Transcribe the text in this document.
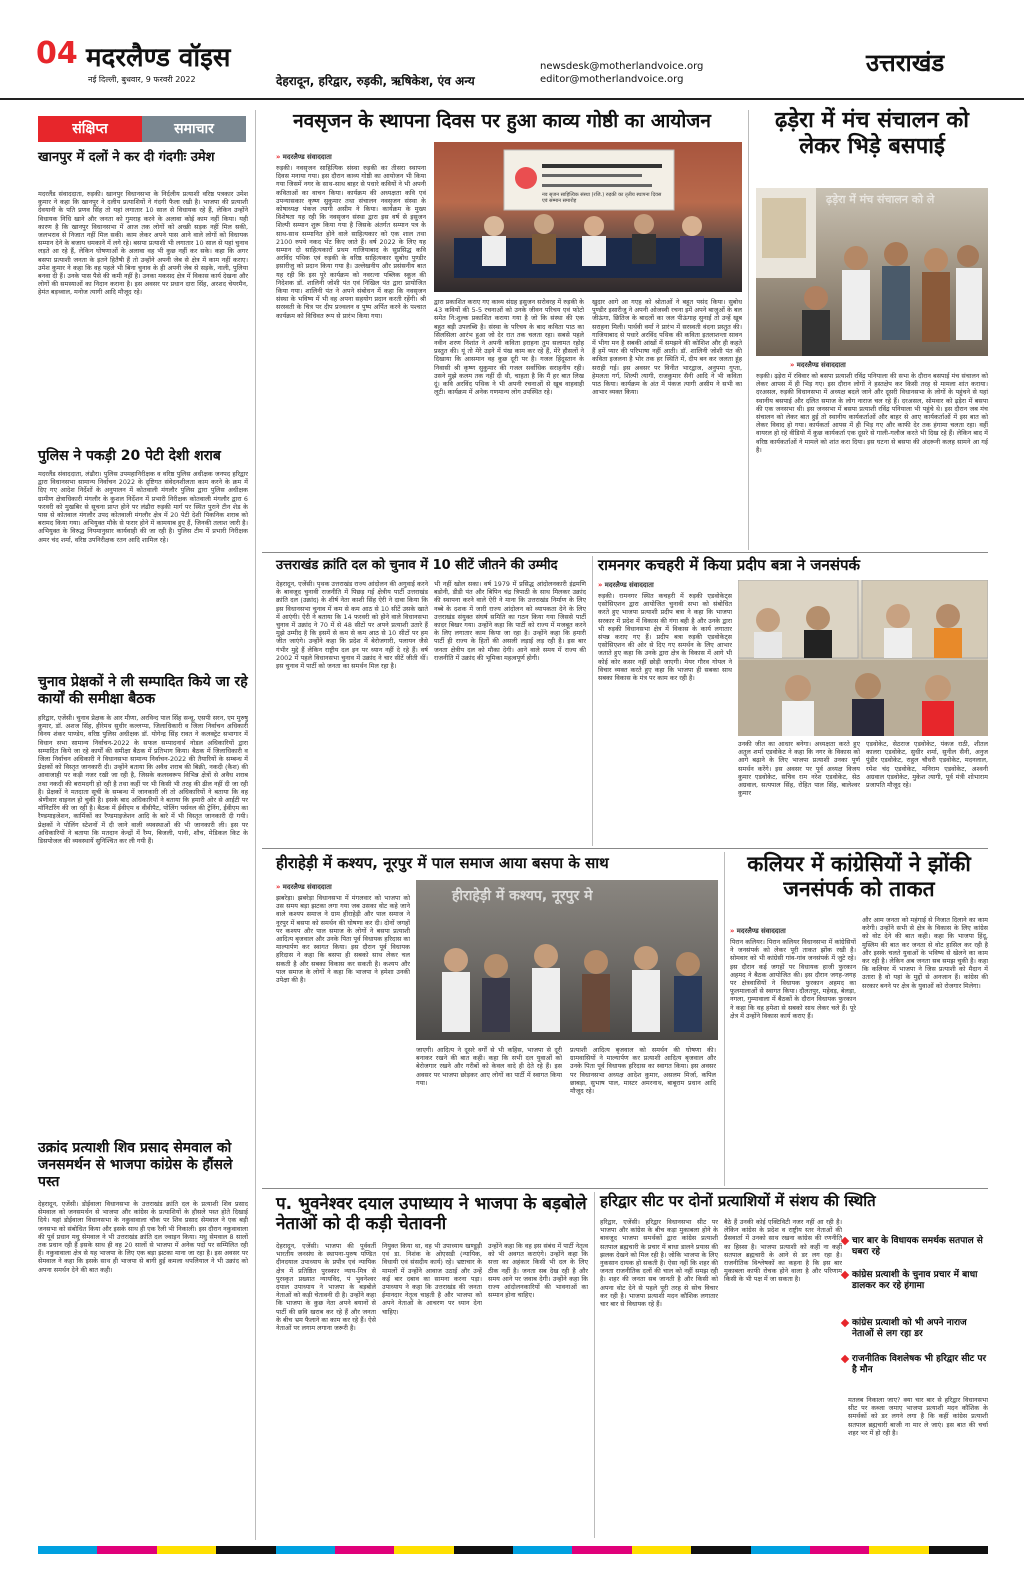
04 मदरलैण्ड वॉइस
नई दिल्ली, बुधवार, 9 फरवरी 2022	देहरादून, हरिद्वार, रुड़की, ऋषिकेश, एंव अन्य
newsdesk@motherlandvoice.org
editor@motherlandvoice.org
उत्तराखंड
संक्षिप्त	समाचार
खानपुर में दलों ने कर दी गंदगीः उमेश
मदरलैंड संवाददाता, रुड़की। खानपुर विधानसभा के निर्दलीय प्रत्याशी वरिष्ठ पत्रकार उमेश कुमार ने कहा कि खानपुर ने दलीय प्रत्याशियों ने गंदगी फैला रखी है। भाजपा की प्रत्याशी देवयानी के पति प्रणव सिंह तो यहां लगातार 10 साल से विधायक रहे हैं, लेकिन उन्होंने विधायक निधि खाने और जनता को गुमराह करने के अलावा कोई काम नहीं किया। यही कारण है कि खानपुर विधानसभा में आज तक लोगों को अच्छी सड़क नहीं मिल सकी, जलभराव से निजात नहीं मिल सकी। काम लेकर अपने पास आने वाले लोगों को विधायक सम्मान देने के बजाय धमकाने में लगे रहे। बसपा प्रत्याशी भी लगातार 10 साल से यहां चुनाव लड़ते आ रहे हैं, लेकिन घोषणाओं के अलावा वह भी कुछ नहीं कर सके। कहा कि अगर बसपा प्रत्याशी जनता के इतने हितैषी हैं तो उन्होंने अपनी जेब से क्षेत्र में काम नहीं कराए। उमेश कुमार ने कहा कि वह पहले भी बिना चुनाव के ही अपनी जेब से सड़के, नाली, पुलिया बनवा दी हैं। उनके पास पैसे की कमी नहीं है। उनका मकसद क्षेत्र में विकास कार्य देखना और लोगों की समस्याओं का निदान कराना है। इस अवसर पर प्रधान दारा सिंह, अरशद चेयरमैन, हेमंत बड़थ्वाल, मनोज त्यागी आदि मौजूद रहे।
पुलिस ने पकड़ी 20 पेटी देशी शराब
मदरलैंड संवाददाता, लंढौरा। पुलिस उपमहानिरीक्षक व वरिष्ठ पुलिस अधीक्षक जनपद हरिद्वार द्वारा विधानसभा सामान्य निर्वाचन 2022 के दृष्टिगत संवेदनशीलता काम करने के क्रम में दिए गए आदेश निर्देशों के अनुपालन में कोतवाली मंगलौर पुलिस द्वारा पुलिस अधीक्षक ग्रामीण क्षेत्राधिकारी मंगलौर के कुशल निर्देशन में प्रभारी निरीक्षक कोतवाली मंगलौर द्वारा 6 फरवरी को मुखबिर से सूचना प्राप्त होने पर लंढौरा रुड़की मार्ग पर स्थित पुराने टीन शेड के पास से कोतवाल मंगलौर उपद कोतवाली मंगलौर क्षेत्र में 20 पेटी देशी पिकनिक शराब को बरामद किया गया। अभियुक्त मौके से फरार होने में कामयाब हुए हैं, जिनकी तलाश जारी है। अभियुक्त के विरुद्ध नियमानुसार कार्यवाही की जा रही है। पुलिस टीम में प्रभारी निरीक्षक अमर चंद शर्मा, वरिष्ठ उपनिरीक्षक रतन आदि शामिल रहे।
चुनाव प्रेक्षकों ने ली सम्पादित किये जा रहे कार्यों की समीक्षा बैठक
हरिद्वार, एजेंसी। चुनाव प्रेक्षक के आर मीणा, अरविन्द पाल सिंह सन्धू, एसपी सरन, एम मुरुषु कुमार, डॉ. अशज सिंह, हीरेमथ सुधीर कल्लप्पा, जिलाधिकारी व जिला निर्वाचन अधिकारी विनय शंकर पाण्डेय, वरिष्ठ पुलिस अधीक्षक डॉ. योगेन्द्र सिंह रावत ने कलक्ट्रेट सभागार में विधान सभा सामान्य निर्वाचन-2022 के सफल सम्पादनार्थ नोडल अधिकारियों द्वारा सम्पादित किये जा रहे कार्यों की समीक्षा बैठक में प्रतिभाग किया। बैठक में जिलाधिकारी व जिला निर्वाचन अधिकारी ने विधानसभा सामान्य निर्वाचन-2022 की तैयारियों के सम्बन्ध में प्रेक्षकों को विस्तृत जानकारी दी। उन्होंने बताया कि अवैध शराब की बिक्री, नकदी (कैश) की आवाजाही पर कड़ी नजर रखी जा रही है, जिसके कलस्वरूप विभिन्न क्षेत्रों से अवैध शराब तथा नकदी की बरामदगी हो रही है तथा कहीं पर भी किसी भी तरह की ढील नहीं दी जा रही है। प्रेक्षकों ने मतदाता सूची के सम्बन्ध में जानकारी ली तो अधिकारियों ने बताया कि वह श्रेणीवार वाइनल हो चुकी है। इसके बाद अधिकारियों ने बताया कि हमारी ओर से आईटी पर मॉनिटरिंग की जा रही है। बैठक में ईवीएम व वीवीपैट, पोलिंग पर्सनल की ट्रेनिंग, ईवीएम का रैण्डमाइजेशन, कार्मिकों का रैण्डमाइजेशन आदि के बारे में भी विस्तृत जानकारी दी गयी। प्रेक्षकों ने पोलिंग स्टेशनों में दी जाने वाली व्यवस्थाओं की भी जानकारी ली। इस पर अधिकारियों ने बताया कि मतदान केन्द्रों में रैम्प, बिजली, पानी, शौच, मेडिकल किट के डिसपोजल की व्यवस्थायें सुनिश्चित कर ली गयी हैं।
उक्रांद प्रत्याशी शिव प्रसाद सेमवाल को जनसमर्थन से भाजपा कांग्रेस के हौंसले पस्त
देहरादून, एजेंसी। डोईवाला विधानसभा के उत्तराखंड क्रांति दल के प्रत्याशी शिव प्रसाद सेमवाल को जनसमर्थन से भाजपा और कांग्रेस के प्रत्याशियों के हौसले पस्त होते दिखाई दिये। यहां डोईवाला विधानसभा के नकुवावाला चौक पर शिव प्रसाद सेमवाल ने एक बड़ी जनसभा को संबोधित किया और इसके साथ ही एक रैली भी निकाली। इस दौरान नकुवावाला की पूर्व प्रधान मधु सेमवाल ने भी उत्तराखंड क्रांति दल ज्वाइन किया। मधु सेमवाल 8 सालों तक प्रधान रही हैं इसके साथ ही वह 20 सालों से भाजपा में अनेक पदों पर सम्मिलित रही हैं। नकुवावाला क्षेत्र से यह भाजपा के लिए एक बड़ा झटका माना जा रहा है। इस अवसर पर सेमवाल ने कहा कि इसके साथ ही भाजपा से बागी हुई कमला थपलियाल ने भी उक्रांद को अपना समर्थन देने की बात कही।
नवसृजन के स्थापना दिवस पर हुआ काव्य गोष्ठी का आयोजन
» मदरलैण्ड संवाददाता
रुड़की। नवसृजन साहित्यिक संस्था रुड़की का तीसरा स्थापना दिवस मनाया गया। इस दौरान काव्य गोष्ठी का आयोजन भी किया गया जिसमें नगर के साथ-साथ बाहर से पधारे कवियों ने भी अपनी कविताओं का वाचन किया। कार्यक्रम की अध्यक्षता कवि एवं उपन्यासकार कृष्ण सुकुमार तथा संचालन नवसृजन संस्था के कोषाध्यक्ष पंकज त्यागी असीम ने किया। कार्यक्रम के मुख्य विशेषता यह रही कि नवसृजन संस्था द्वारा इस वर्ष से इसुजन शिल्पी सम्मान शुरू किया गया है जिसके अंतर्गत सम्मान पत्र के साथ-साथ सम्मानित होने वाले साहित्यकार को एक शाल तथा 2100 रुपये नकद भेंट किए जाते हैं। वर्ष 2022 के लिए यह सम्मान दो साहित्यकारों प्रथम गाजियाबाद के सुप्रसिद्ध कवि अरविंद पथिक एवं रुड़की के वरिष्ठ साहित्यकार सुबोध पुण्डीर इसारीजु को प्रदान किया गया है। उल्लेखनीय और प्रसंसनीय बात यह रही कि इस पूरे कार्यक्रम को नवरत्ना पब्लिक स्कूल की निदेशक डॉ. शालिनी जोशी पंत एवं निखिल पंत द्वारा प्रायोजित किया गया। शालिनी पंत ने अपने संबोधन में कहा कि नवसृजन संस्था के भविष्य में भी वह अपना सहयोग प्रदान करती रहेंगी। श्री सरस्वती के चित्र पर दीप प्रज्वलन व पुष्प अर्पित करने के पश्चात कार्यक्रम को विधिवत रूप से प्रारंभ किया गया।
नव सृजन साहित्यिक संस्था (रजि.) रुड़की का तृतीय स्थापना दिवस एवं सम्मान समारोह
द्वारा प्रकाशित कराए गए काव्य संग्रह इसुजन सरोवरह में रुड़की के 43 कवियों की 5-5 रचनाओं को उनके जीवन परिचय एवं फोटो समेत नि:शुल्क प्रकाशित कराया गया है जो कि संस्था की एक बहुत बड़ी उपलब्धि है। संस्था के परिचय के बाद कविता पाठ का सिलसिला आरंभ हुआ जो देर रात तक चलता रहा। सबसे पहले नवीन शरण निशांत ने अपनी कविता इराहना तुम सलामत रहोह प्रस्तुत की। यूं तो मेरे उड़ने में पंख काम कर रहे हैं, मेरे हौसलों ने दिखाया कि आसमान वह कुछ दूरी पर है। गजल हिंदूस्तान के निवासी श्री कृष्ण सुकुमार की गजल सर्वाधिक सराहनीय रही। उसने मुझे कलम तक नहीं दी थी, चाहता है कि मैं हर बात लिख दूं। कवि अरविंद पथिक ने भी अपनी रचनाओं से खूब वाहवाही लूटी। कार्यक्रम में अनेक गणमान्य लोग उपस्थित रहे।
खुदार आगे आ गएह को श्रोताओं ने बहुत पसंद किया। सुबोध पुण्डीर इसारीजु ने अपनी ओजस्वी रचना इमें अपने बाजुओं के बल जीऊंगा, छितिज के बादलों का जल पीऊंगाह सुनाई तो उन्हें खूब सराहना मिली। पार्थवी वर्मा ने प्रारंभ में सरस्वती वंदना प्रस्तुत की। गाजियाबाद से पधारे अरविंद पथिक की कविता इतलाशन्ता सावन में भीगा मन है सबकी आंखों में समझने की कोशिश और ही कहते हैं हमें प्यार की परिभाषा नहीं आती। डॉ. शालिनी जोशी पंत की कविता इजलना है भोर तक हर स्थिति में, दीप बन कर जलता हूंह सराही गई। इस अवसर पर विनीत भारद्वाज, अनुपमा गुप्ता, हेमलता गर्ग, शिल्पी त्यागी, राजकुमार सैनी आदि ने भी कविता पाठ किया। कार्यक्रम के अंत में पंकज त्यागी असीम ने सभी का आभार व्यक्त किया।
ढ़ड़ेरा में मंच संचालन को लेकर भिड़े बसपाई
ढ़ड़ेरा में मंच संचालन को ले
» मदरलैण्ड संवाददाता
रुड़की। ढ़ड़ेरा में रविवार को बसपा प्रत्याशी रविंद्र पनियाला की सभा के दौरान बसपाई मंच संचालन को लेकर आपस में ही भिड़ गए। इस दौरान लोगों ने हस्तक्षेप कर किसी तरह से मामला शांत कराया। दरअसल, रुड़की विधानसभा में अध्यक्ष बदले जाने और दूसरी विधानसभा के लोगों के पहुंचने से यहां स्थानीय बसपाई और दलित समाज के लोग नाराज चल रहे हैं। दरअसल, सोमवार को ढ़ड़ेरा में बसपा की एक जनसभा थी। इस जनसभा में बसपा प्रत्याशी रविंद्र पनियाला भी पहुंचे थे। इस दौरान जब मंच संचालन को लेकर बात हुई तो स्थानीय कार्यकर्ताओं और बाहर से आए कार्यकर्ताओं में इस बात को लेकर विवाद हो गया। कार्यकर्ता आपस में ही भिड़ गए और काफी देर तक हंगामा चलता रहा। वहीं वायरल हो रहे वीडियो में कुछ कार्यकर्ता एक दूसरे से गाली-गलौज करते भी दिख रहे हैं। लेकिन बाद में वरिष्ठ कार्यकर्ताओं ने मामले को शांत करा दिया। इस घटना से बसपा की अंदरूनी कलह सामने आ गई है।
उत्तराखंड क्रांति दल को चुनाव में 10 सीटें जीतने की उम्मीद
देहरादून, एजेंसी। पृथक उत्तराखंड राज्य आंदोलन की अगुवाई करने के बावजूद चुनावी राजनीति में पिछड़ गई क्षेत्रीय पार्टी उत्तराखंड क्रांति दल (उक्रांद) के शीर्ष नेता काशी सिंह ऐरी ने दावा किया कि इस विधानसभा चुनाव में कम से कम आठ से 10 सीटें उसके खाते में आएंगी। ऐरी ने बताया कि 14 फरवरी को होने वाले विधानसभा चुनाव में उक्रांद ने 70 में से 48 सीटों पर अपने प्रत्याशी उतारे हैं मुझे उम्मीद है कि इसमें से कम से कम आठ से 10 सीटों पर हम जीत जाएंगे। उन्होंने कहा कि प्रदेश में बेरोजगारी, पलायन जैसे गंभीर मुद्दे हैं लेकिन राष्ट्रीय दल इन पर ध्यान नहीं दे रहे हैं। वर्ष 2002 में पहले विधानसभा चुनाव में उक्रांद ने चार सीटें जीती थीं। इस चुनाव में पार्टी को जनता का समर्थन मिल रहा है।
भी नहीं खोल सका। वर्ष 1979 में प्रसिद्ध आंदोलनकारी इंद्रमणि बडोनी, डीडी पंत और बिपिन चंद्र त्रिपाठी के साथ मिलकर उक्रांद की स्थापना करने वाले ऐरी ने माना कि उत्तराखंड निर्माण के लिए नब्बे के दशक में जारी राज्य आंदोलन को व्यापकता देने के लिए उत्तराखंड संयुक्त संघर्ष समिति का गठन किया गया जिससे पार्टी कादर बिखर गया। उन्होंने कहा कि पार्टी को राज्य में मजबूत करने के लिए लगातार काम किया जा रहा है। उन्होंने कहा कि हमारी पार्टी ही राज्य के हितों की असली लड़ाई लड़ रही है। इस बार जनता क्षेत्रीय दल को मौका देगी। आने वाले समय में राज्य की राजनीति में उक्रांद की भूमिका महत्वपूर्ण होगी।
रामनगर कचहरी में किया प्रदीप बत्रा ने जनसंपर्क
» मदरलैण्ड संवाददाता
रुड़की। रामनगर स्थित कचहरी में रुड़की एडवोकेट्स एसोसिएशन द्वारा आयोजित चुनावी सभा को संबोधित करते हुए भाजपा प्रत्याशी प्रदीप बत्रा ने कहा कि भाजपा सरकार में प्रदेश में विकास की गंगा बही है और उनके द्वारा भी रुड़की विधानसभा क्षेत्र में विकास के कार्य लगातार संपन्न कराए गए हैं। प्रदीप बत्रा रुड़की एडवोकेट्स एसोसिएशन की ओर से दिए गए समर्थन के लिए आभार जताते हुए कहा कि उनके द्वारा क्षेत्र के विकास में आगे भी कोई कोर कसर नहीं छोड़ी जाएगी। मेयर गौरव गोयल ने विचार व्यक्त करते हुए कहा कि भाजपा ही सबका साथ सबका विकास के मंत्र पर काम कर रही है।
उनकी जीत का आधार बनेगा। अध्यक्षता करते हुए अतुल शर्मा एडवोकेट ने कहा कि नगर के विकास को आगे बढ़ाने के लिए भाजपा प्रत्याशी उनका पूर्ण समर्थन करेंगे। इस अवसर पर पूर्व अध्यक्ष विजय कुमार एडवोकेट, सचिव राम नरेश एडवोकेट, सेठ अग्रवाल, सत्यपाल सिंह, रोहित पाल सिंह, बालेश्वर कुमार
एडवोकेट, सेठराज एडवोकेट, पंकज राठी, शीतल कालरा एडवोकेट, सुधीर शर्मा, सुनील सैनी, अनुज पुंडीर एडवोकेट, राहुल चौधरी एडवोकेट, मदनलाल, रमेश चंद एडवोकेट, मनिराम एडवोकेट, अश्वनी अग्रवाल एडवोकेट, मुकेश त्यागी, पूर्व मंत्री शोभाराम प्रजापति मौजूद रहे।
हीराहेड़ी में कश्यप, नूरपुर में पाल समाज आया बसपा के साथ
» मदरलैण्ड संवाददाता
झबरेड़ा। झबरेड़ा विधानसभा में मंगलवार को भाजपा को उस समय बड़ा झटका लगा गया जब उसका वोट कहे जाने वाले कश्यप समाज ने ग्राम हीराहेड़ी और पाल समाज ने नूरपुर में बसपा को समर्थन की घोषणा कर दी। दोनों जगहों पर कश्यप और पाल समाज के लोगों ने बसपा प्रत्याशी आदित्य बृजवाल और उनके पिता पूर्व विधायक हरिदास का माल्यार्पण कर स्वागत किया। इस दौरान पूर्व विधायक हरिदास ने कहा कि बसपा ही सबको साथ लेकर चल सकती है और सबका विकास कर सकती है। कश्यप और पाल समाज के लोगों ने कहा कि भाजपा ने हमेशा उनकी उपेक्षा की है।
हीराहेड़ी में कश्यप, नूरपुर मे
जाएगी। आदित्य ने दूसरे वर्गों से भी कहिस, भाजपा से दूरी बनाकर रखने की बात कही। कहा कि सभी दल युवाओं को बेरोजगार रखने और गरीबों को केवल वादे ही देते रहे हैं। इस अवसर पर भाजपा छोड़कर आए लोगों का पार्टी में स्वागत किया गया।
प्रत्याशी आदित्य बृजवाल को समर्थन की घोषणा की। ग्रामवासियों ने माल्यार्पण कर प्रत्याशी आदित्य बृजवाल और उनके पिता पूर्व विधायक हरिदास का स्वागत किया। इस अवसर पर विधानसभा अध्यक्ष आदेश कुमार, असलम मिर्जा, कपिल छाबड़ा, सुभाष पाल, मास्टर अमरनाथ, बाबूराम प्रधान आदि मौजूद रहे।
कलियर में कांग्रेसियों ने झोंकी जनसंपर्क को ताकत
» मदरलैण्ड संवाददाता
पिरान कलियर। पिरान कलियर विधानसभा में कांग्रेसियों ने जनसंपर्क को लेकर पूरी ताकत झोंक रखी है। सोमवार को भी कांग्रेसी गांव-गांव जनसंपर्क में जुटे रहे। इस दौरान कई जगहों पर विधायक हाजी फुरकान अहमद ने बैठक आयोजित की। इस दौरान जगह-जगह पर क्षेत्रवासियों ने विधायक फुरकान अहमद का फूलमालाओं से स्वागत किया। दौलतपुर, महेवड़, बेलड़ा, नगला, गुम्मावाला में बैठकों के दौरान विधायक फुरकान ने कहा कि वह हमेशा से सबको साथ लेकर चले हैं। पूरे क्षेत्र में उन्होंने विकास कार्य कराए हैं।
और आम जनता को महंगाई से निजात दिलाने का काम करेगी। उन्होंने सभी से क्षेत्र के विकास के लिए कांग्रेस को वोट देने की बात कही। कहा कि भाजपा हिंदू, मुस्लिम की बात कर जनता से वोट हासिल कर रही है और इसके चलते युवाओं के भविष्य से खेलने का काम कर रही है। लेकिन अब जनता सब समझ चुकी है। कहा कि कलियर में भाजपा ने जिस प्रत्याशी को मैदान में उतारा है वो यहां के मुद्दों से अनजान हैं। कांग्रेस की सरकार बनने पर क्षेत्र के युवाओं को रोजगार मिलेगा।
प. भुवनेश्वर दयाल उपाध्याय ने भाजपा के बड़बोले नेताओं को दी कड़ी चेतावनी
देहरादून, एजेंसी। भाजपा की पूर्ववर्ती भारतीय जनसंघ के स्थापना-पुरुष पण्डित दीनदयाल उपाध्याय के प्रपौत्र एवं न्यायिक क्षेत्र में प्रतिष्ठित पुरस्कार न्याय-मित्र से पुरस्कृत प्रख्यात न्यायविद, पं भुवनेश्वर दयाल उपाध्याय ने भाजपा के बड़बोले नेताओं को कड़ी चेतावनी दी है। उन्होंने कहा कि भाजपा के कुछ नेता अपने बयानों से पार्टी की छवि खराब कर रहे हैं और जनता के बीच भ्रम फैलाने का काम कर रहे हैं। ऐसे नेताओं पर लगाम लगाना जरूरी है।
नियुक्त किया था, वह भी उपाध्याय खण्डूड़ी एवं डा. निशंक के ओएसडी (न्यायिक, विधायी एवं संसदीय कार्य) रहे। भ्रष्टाचार के मामलों में उन्होंने आवाज उठाई और उन्हें कई बार दबाव का सामना करना पड़ा। उपाध्याय ने कहा कि उत्तराखंड की जनता ईमानदार नेतृत्व चाहती है और भाजपा को अपने नेताओं के आचरण पर ध्यान देना चाहिए।
उन्होंने कहा कि वह इस संबंध में पार्टी नेतृत्व को भी अवगत कराएंगे। उन्होंने कहा कि सत्ता का अहंकार किसी भी दल के लिए ठीक नहीं है। जनता सब देख रही है और समय आने पर जवाब देगी। उन्होंने कहा कि राज्य आंदोलनकारियों की भावनाओं का सम्मान होना चाहिए।
हरिद्वार सीट पर दोनों प्रत्याशियों में संशय की स्थिति
हरिद्वार, एजेंसी। हरिद्वार विधानसभा सीट पर भाजपा और कांग्रेस के बीच कड़ा मुकाबला होने के बावजूद भाजपा समर्थकों द्वारा कांग्रेस प्रत्याशी सतपाल ब्रह्मचारी के प्रचार में बाधा डालने प्रयास की झलक देखने को मिल रही है। जोकि भाजपा के लिए नुकसान दायक हो सकती है। ऐसा नहीं कि शहर की जनता राजनीतिक दलों की चाल को नहीं समझ रही है। शहर की जनता सब जानती है और किसी को अपना वोट देने से पहले पूरी तरह से सोच विचार कर रही है। भाजपा प्रत्याशी मदन कौशिक लगातार चार बार से विधायक रहे हैं।
बैठे हैं उनकी कोई एक्टिविटी नजर नहीं आ रही है। लेकिन कांग्रेस के प्रदेश व राष्ट्रीय स्तर नेताओं की प्रैसवार्ता में उनको साथ रखना कांग्रेस की रणनीति का हिस्सा है। भाजपा प्रत्याशी को कहीं ना कहीं सतपाल ब्रह्मचारी के आने से डर लग रहा है। राजनीतिक विश्लेषकों का कहना है कि इस बार मुकाबला काफी रोचक होने वाला है और परिणाम किसी के भी पक्ष में जा सकता है।
चार बार के विधायक समर्थक सतपाल से घबरा रहे
कांग्रेस प्रत्याशी के चुनाव प्रचार में बाधा डालकर कर रहे हंगामा
कांग्रेस प्रत्याशी को भी अपने नाराज नेताओं से लग रहा डर
राजनीतिक विशलेषक भी हरिद्वार सीट पर है मौन
मतलब निकाला जाए? क्या चार बार से हरिद्वार विधानसभा सीट पर कब्जा जमाए भाजपा प्रत्याशी मदन कौशिक के समर्थकों को डर लगने लगा है कि कहीं कांग्रेस प्रत्याशी सतपाल ब्रह्मचारी बाजी ना मार ले जाएं। इस बात की चर्चा शहर भर में हो रही है।
